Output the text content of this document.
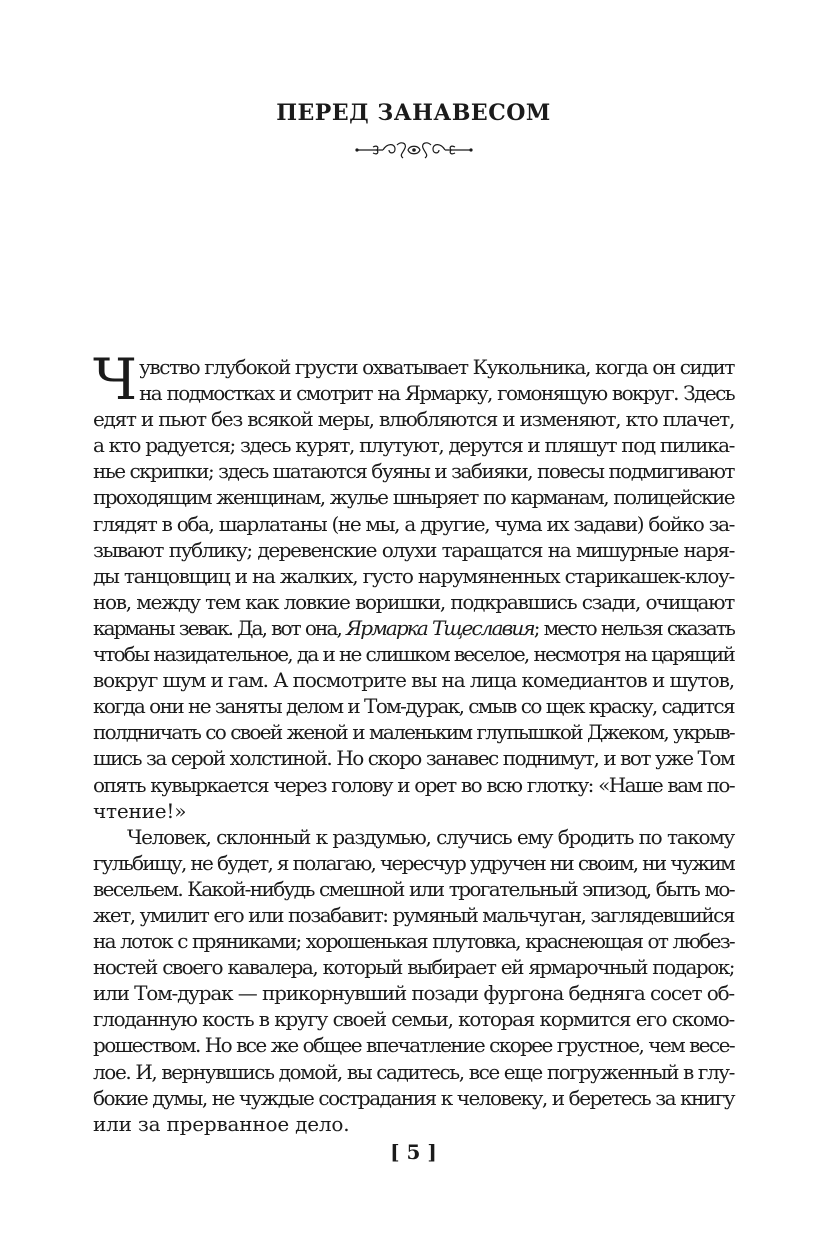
ПЕРЕД ЗАНАВЕСОМ

Ч увство глубокой грусти охватывает Кукольника, когда он сидит
на подмостках и смотрит на Ярмарку, гомонящую вокруг. Здесь
едят и пьют без всякой меры, влюбляются и изменяют, кто плачет,
а кто радуется; здесь курят, плутуют, дерутся и пляшут под пилика-
нье скрипки; здесь шатаются буяны и забияки, повесы подмигивают
проходящим женщинам, жулье шныряет по карманам, полицейские
глядят в оба, шарлатаны (не мы, а другие, чума их задави) бойко за-
зывают публику; деревенские олухи таращатся на мишурные наря-
ды танцовщиц и на жалких, густо нарумяненных старикашек-клоу-
нов, между тем как ловкие воришки, подкравшись сзади, очищают
карманы зевак. Да, вот она, Ярмарка Тщеславия; место нельзя сказать
чтобы назидательное, да и не слишком веселое, несмотря на царящий
вокруг шум и гам. А посмотрите вы на лица комедиантов и шутов,
когда они не заняты делом и Том-дурак, смыв со щек краску, садится
полдничать со своей женой и маленьким глупышкой Джеком, укрыв-
шись за серой холстиной. Но скоро занавес поднимут, и вот уже Том
опять кувыркается через голову и орет во всю глотку: «Наше вам по-
чтение!»

Человек, склонный к раздумью, случись ему бродить по такому
гульбищу, не будет, я полагаю, чересчур удручен ни своим, ни чужим
весельем. Какой-нибудь смешной или трогательный эпизод, быть мо-
жет, умилит его или позабавит: румяный мальчуган, заглядевшийся
на лоток с пряниками; хорошенькая плутовка, краснеющая от любез-
ностей своего кавалера, который выбирает ей ярмарочный подарок;
или Том-дурак — прикорнувший позади фургона бедняга сосет об-
глоданную кость в кругу своей семьи, которая кормится его скомо-
рошеством. Но все же общее впечатление скорее грустное, чем весе-
лое. И, вернувшись домой, вы садитесь, все еще погруженный в глу-
бокие думы, не чуждые сострадания к человеку, и беретесь за книгу
или за прерванное дело.

[ 5 ]
